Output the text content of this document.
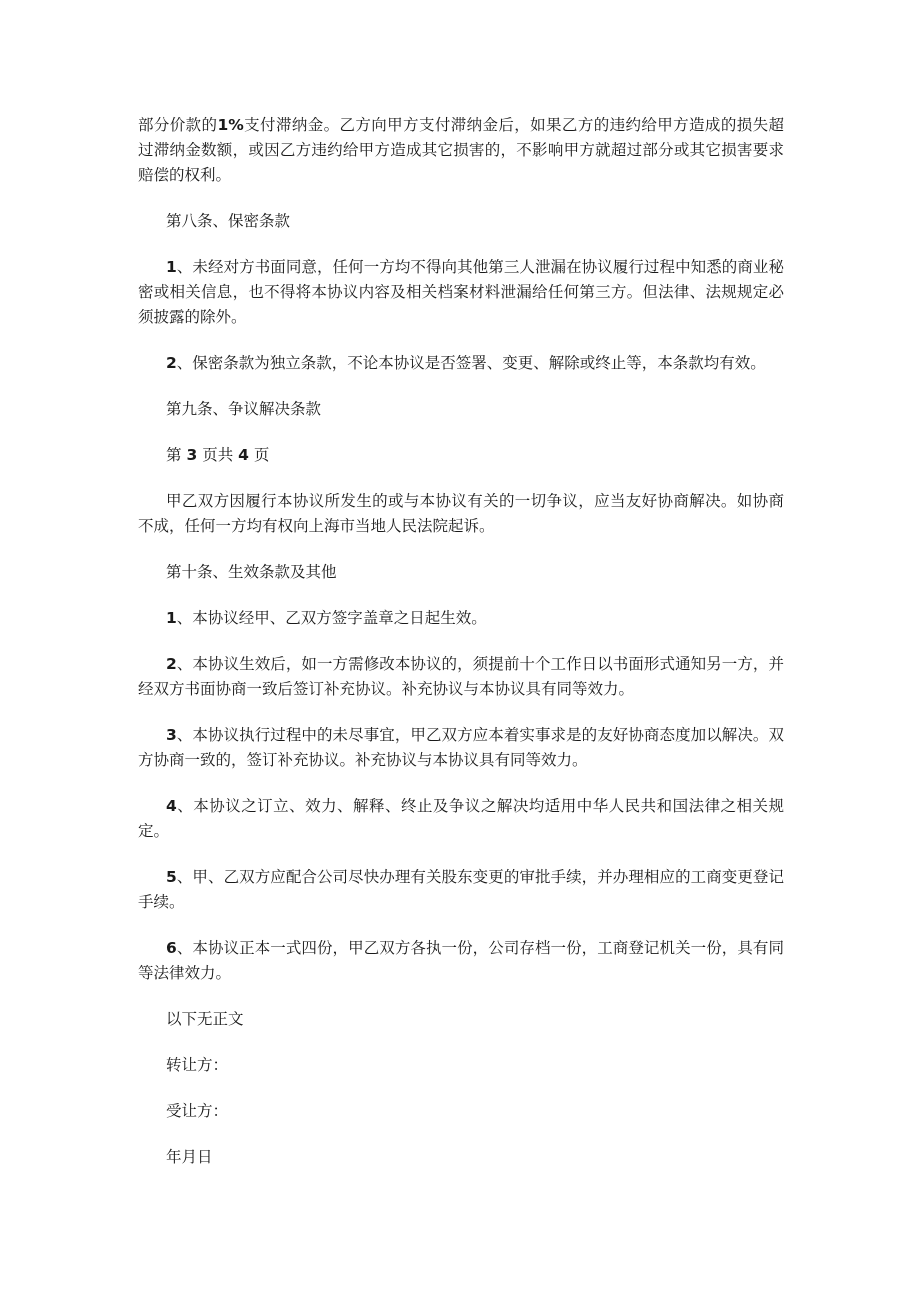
部分价款的1%支付滞纳金。乙方向甲方支付滞纳金后，如果乙方的违约给甲方造成的损失超过滞纳金数额，或因乙方违约给甲方造成其它损害的，不影响甲方就超过部分或其它损害要求赔偿的权利。

第八条、保密条款

1、未经对方书面同意，任何一方均不得向其他第三人泄漏在协议履行过程中知悉的商业秘密或相关信息，也不得将本协议内容及相关档案材料泄漏给任何第三方。但法律、法规规定必须披露的除外。

2、保密条款为独立条款，不论本协议是否签署、变更、解除或终止等，本条款均有效。

第九条、争议解决条款

第 3 页共 4 页

甲乙双方因履行本协议所发生的或与本协议有关的一切争议，应当友好协商解决。如协商不成，任何一方均有权向上海市当地人民法院起诉。

第十条、生效条款及其他

1、本协议经甲、乙双方签字盖章之日起生效。

2、本协议生效后，如一方需修改本协议的，须提前十个工作日以书面形式通知另一方，并经双方书面协商一致后签订补充协议。补充协议与本协议具有同等效力。

3、本协议执行过程中的未尽事宜，甲乙双方应本着实事求是的友好协商态度加以解决。双方协商一致的，签订补充协议。补充协议与本协议具有同等效力。

4、本协议之订立、效力、解释、终止及争议之解决均适用中华人民共和国法律之相关规定。

5、甲、乙双方应配合公司尽快办理有关股东变更的审批手续，并办理相应的工商变更登记手续。

6、本协议正本一式四份，甲乙双方各执一份，公司存档一份，工商登记机关一份，具有同等法律效力。

以下无正文

转让方：

受让方：

年月日
